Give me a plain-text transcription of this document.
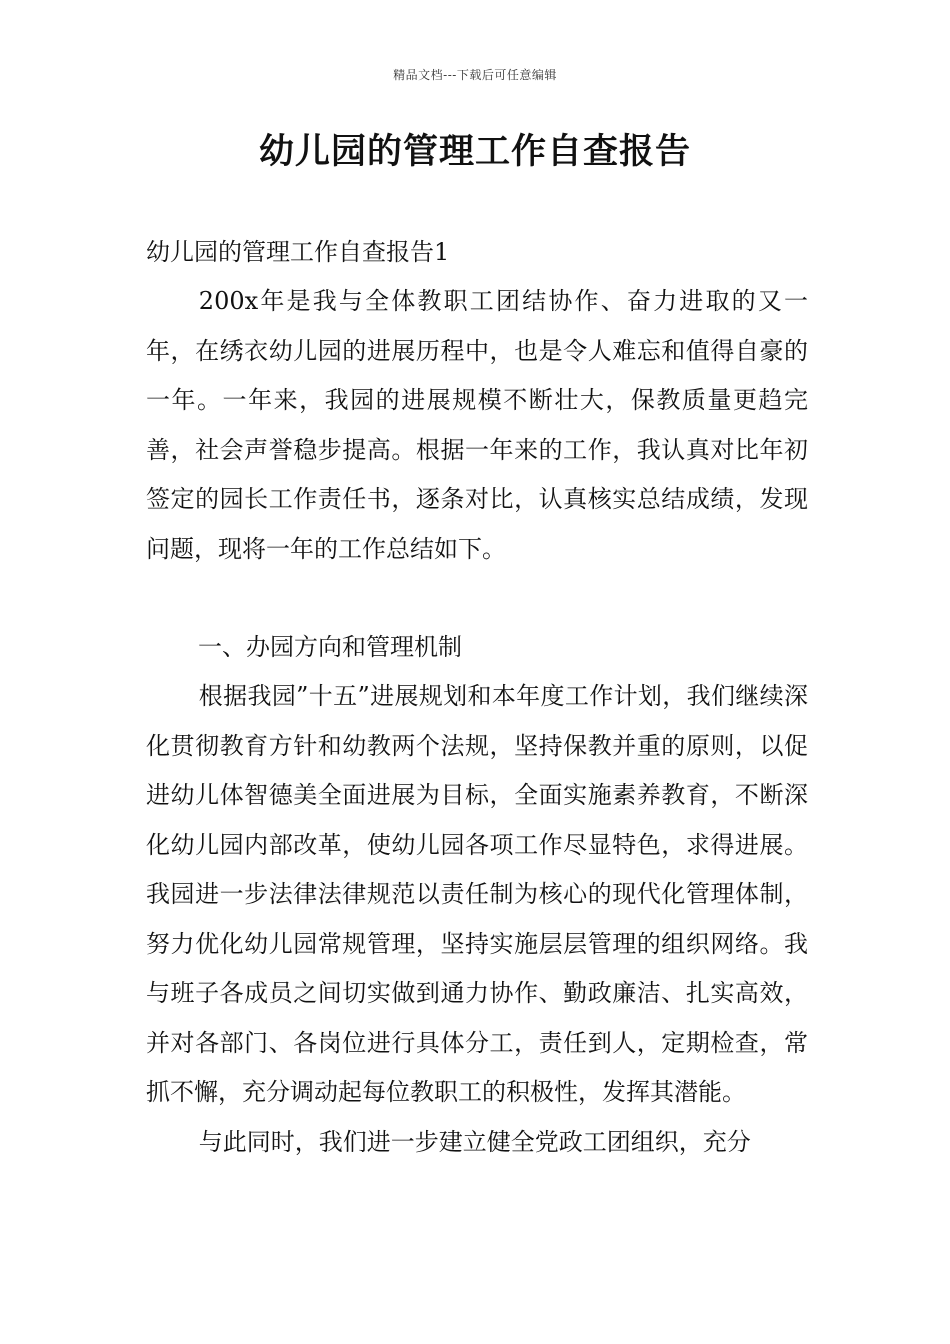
精品文档---下载后可任意编辑
幼儿园的管理工作自查报告

幼儿园的管理工作自查报告1

200x年是我与全体教职工团结协作、奋力进取的又一年，在绣衣幼儿园的进展历程中，也是令人难忘和值得自豪的一年。一年来，我园的进展规模不断壮大，保教质量更趋完善，社会声誉稳步提高。根据一年来的工作，我认真对比年初签定的园长工作责任书，逐条对比，认真核实总结成绩，发现问题，现将一年的工作总结如下。

一、办园方向和管理机制

根据我园”十五”进展规划和本年度工作计划，我们继续深化贯彻教育方针和幼教两个法规，坚持保教并重的原则，以促进幼儿体智德美全面进展为目标，全面实施素养教育，不断深化幼儿园内部改革，使幼儿园各项工作尽显特色，求得进展。我园进一步法律法律规范以责任制为核心的现代化管理体制，努力优化幼儿园常规管理，坚持实施层层管理的组织网络。我与班子各成员之间切实做到通力协作、勤政廉洁、扎实高效，并对各部门、各岗位进行具体分工，责任到人，定期检查，常抓不懈，充分调动起每位教职工的积极性，发挥其潜能。

与此同时，我们进一步建立健全党政工团组织，充分
